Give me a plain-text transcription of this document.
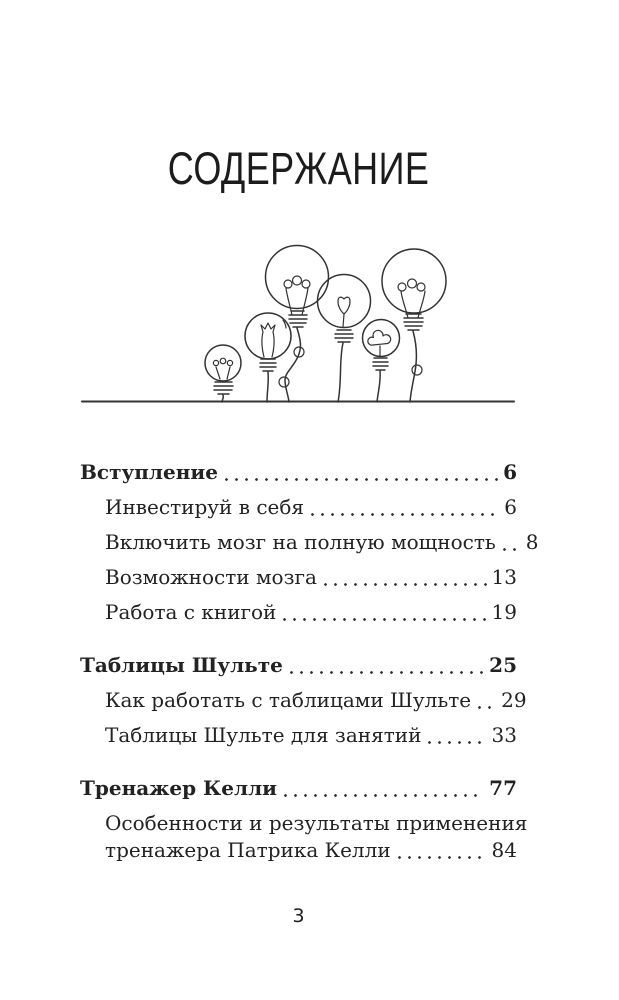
СОДЕРЖАНИЕ
Вступление	6
Инвестируй в себя	6
Включить мозг на полную мощность 8
Возможности мозга	13
Работа с книгой	19
Таблицы Шульте	25
Как работать с таблицами Шульте 29
Таблицы Шульте для занятий	33
Тренажер Келли	77
Особенности и результаты применения
тренажера Патрика Келли	84
3
